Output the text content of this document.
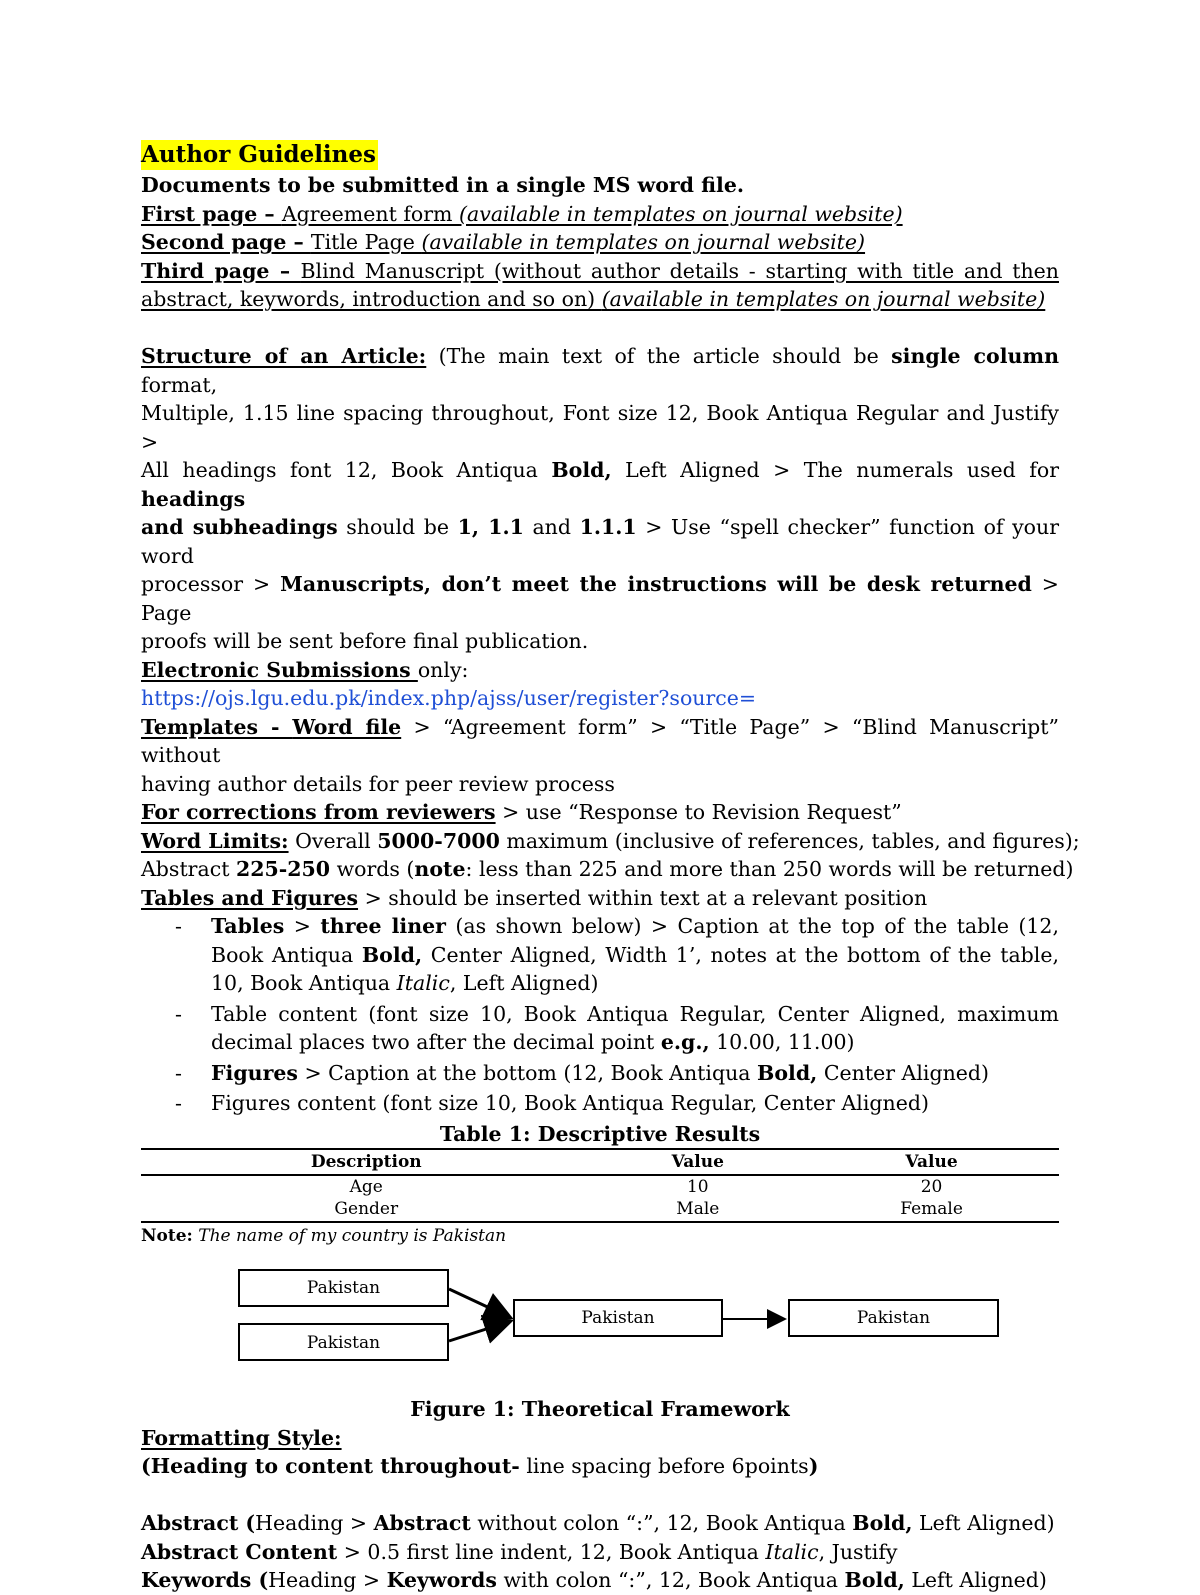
Author Guidelines
Documents to be submitted in a single MS word file.
First page – Agreement form (available in templates on journal website)
Second page – Title Page (available in templates on journal website)
Third page – Blind Manuscript (without author details - starting with title and then
abstract, keywords, introduction and so on) (available in templates on journal website)
Structure of an Article: (The main text of the article should be single column format,
Multiple, 1.15 line spacing throughout, Font size 12, Book Antiqua Regular and Justify >
All headings font 12, Book Antiqua Bold, Left Aligned > The numerals used for headings
and subheadings should be 1, 1.1 and 1.1.1 > Use “spell checker” function of your word
processor > Manuscripts, don’t meet the instructions will be desk returned > Page
proofs will be sent before final publication.
Electronic Submissions only:
https://ojs.lgu.edu.pk/index.php/ajss/user/register?source=
Templates - Word file > “Agreement form” > “Title Page” > “Blind Manuscript” without
having author details for peer review process
For corrections from reviewers > use “Response to Revision Request”
Word Limits: Overall 5000-7000 maximum (inclusive of references, tables, and figures);
Abstract 225-250 words (note: less than 225 and more than 250 words will be returned)
Tables and Figures > should be inserted within text at a relevant position
- Tables > three liner (as shown below) > Caption at the top of the table (12, Book Antiqua Bold, Center Aligned, Width 1’, notes at the bottom of the table, 10, Book Antiqua Italic, Left Aligned)
- Table content (font size 10, Book Antiqua Regular, Center Aligned, maximum decimal places two after the decimal point e.g., 10.00, 11.00)
- Figures > Caption at the bottom (12, Book Antiqua Bold, Center Aligned)
- Figures content (font size 10, Book Antiqua Regular, Center Aligned)
Table 1: Descriptive Results
Description	Value	Value
Age	10	20
Gender	Male	Female
Note: The name of my country is Pakistan
Pakistan
Pakistan
Pakistan	Pakistan
Figure 1: Theoretical Framework
Formatting Style:
(Heading to content throughout- line spacing before 6points)
Abstract (Heading > Abstract without colon “:”, 12, Book Antiqua Bold, Left Aligned)
Abstract Content > 0.5 first line indent, 12, Book Antiqua Italic, Justify
Keywords (Heading > Keywords with colon “:”, 12, Book Antiqua Bold, Left Aligned)
